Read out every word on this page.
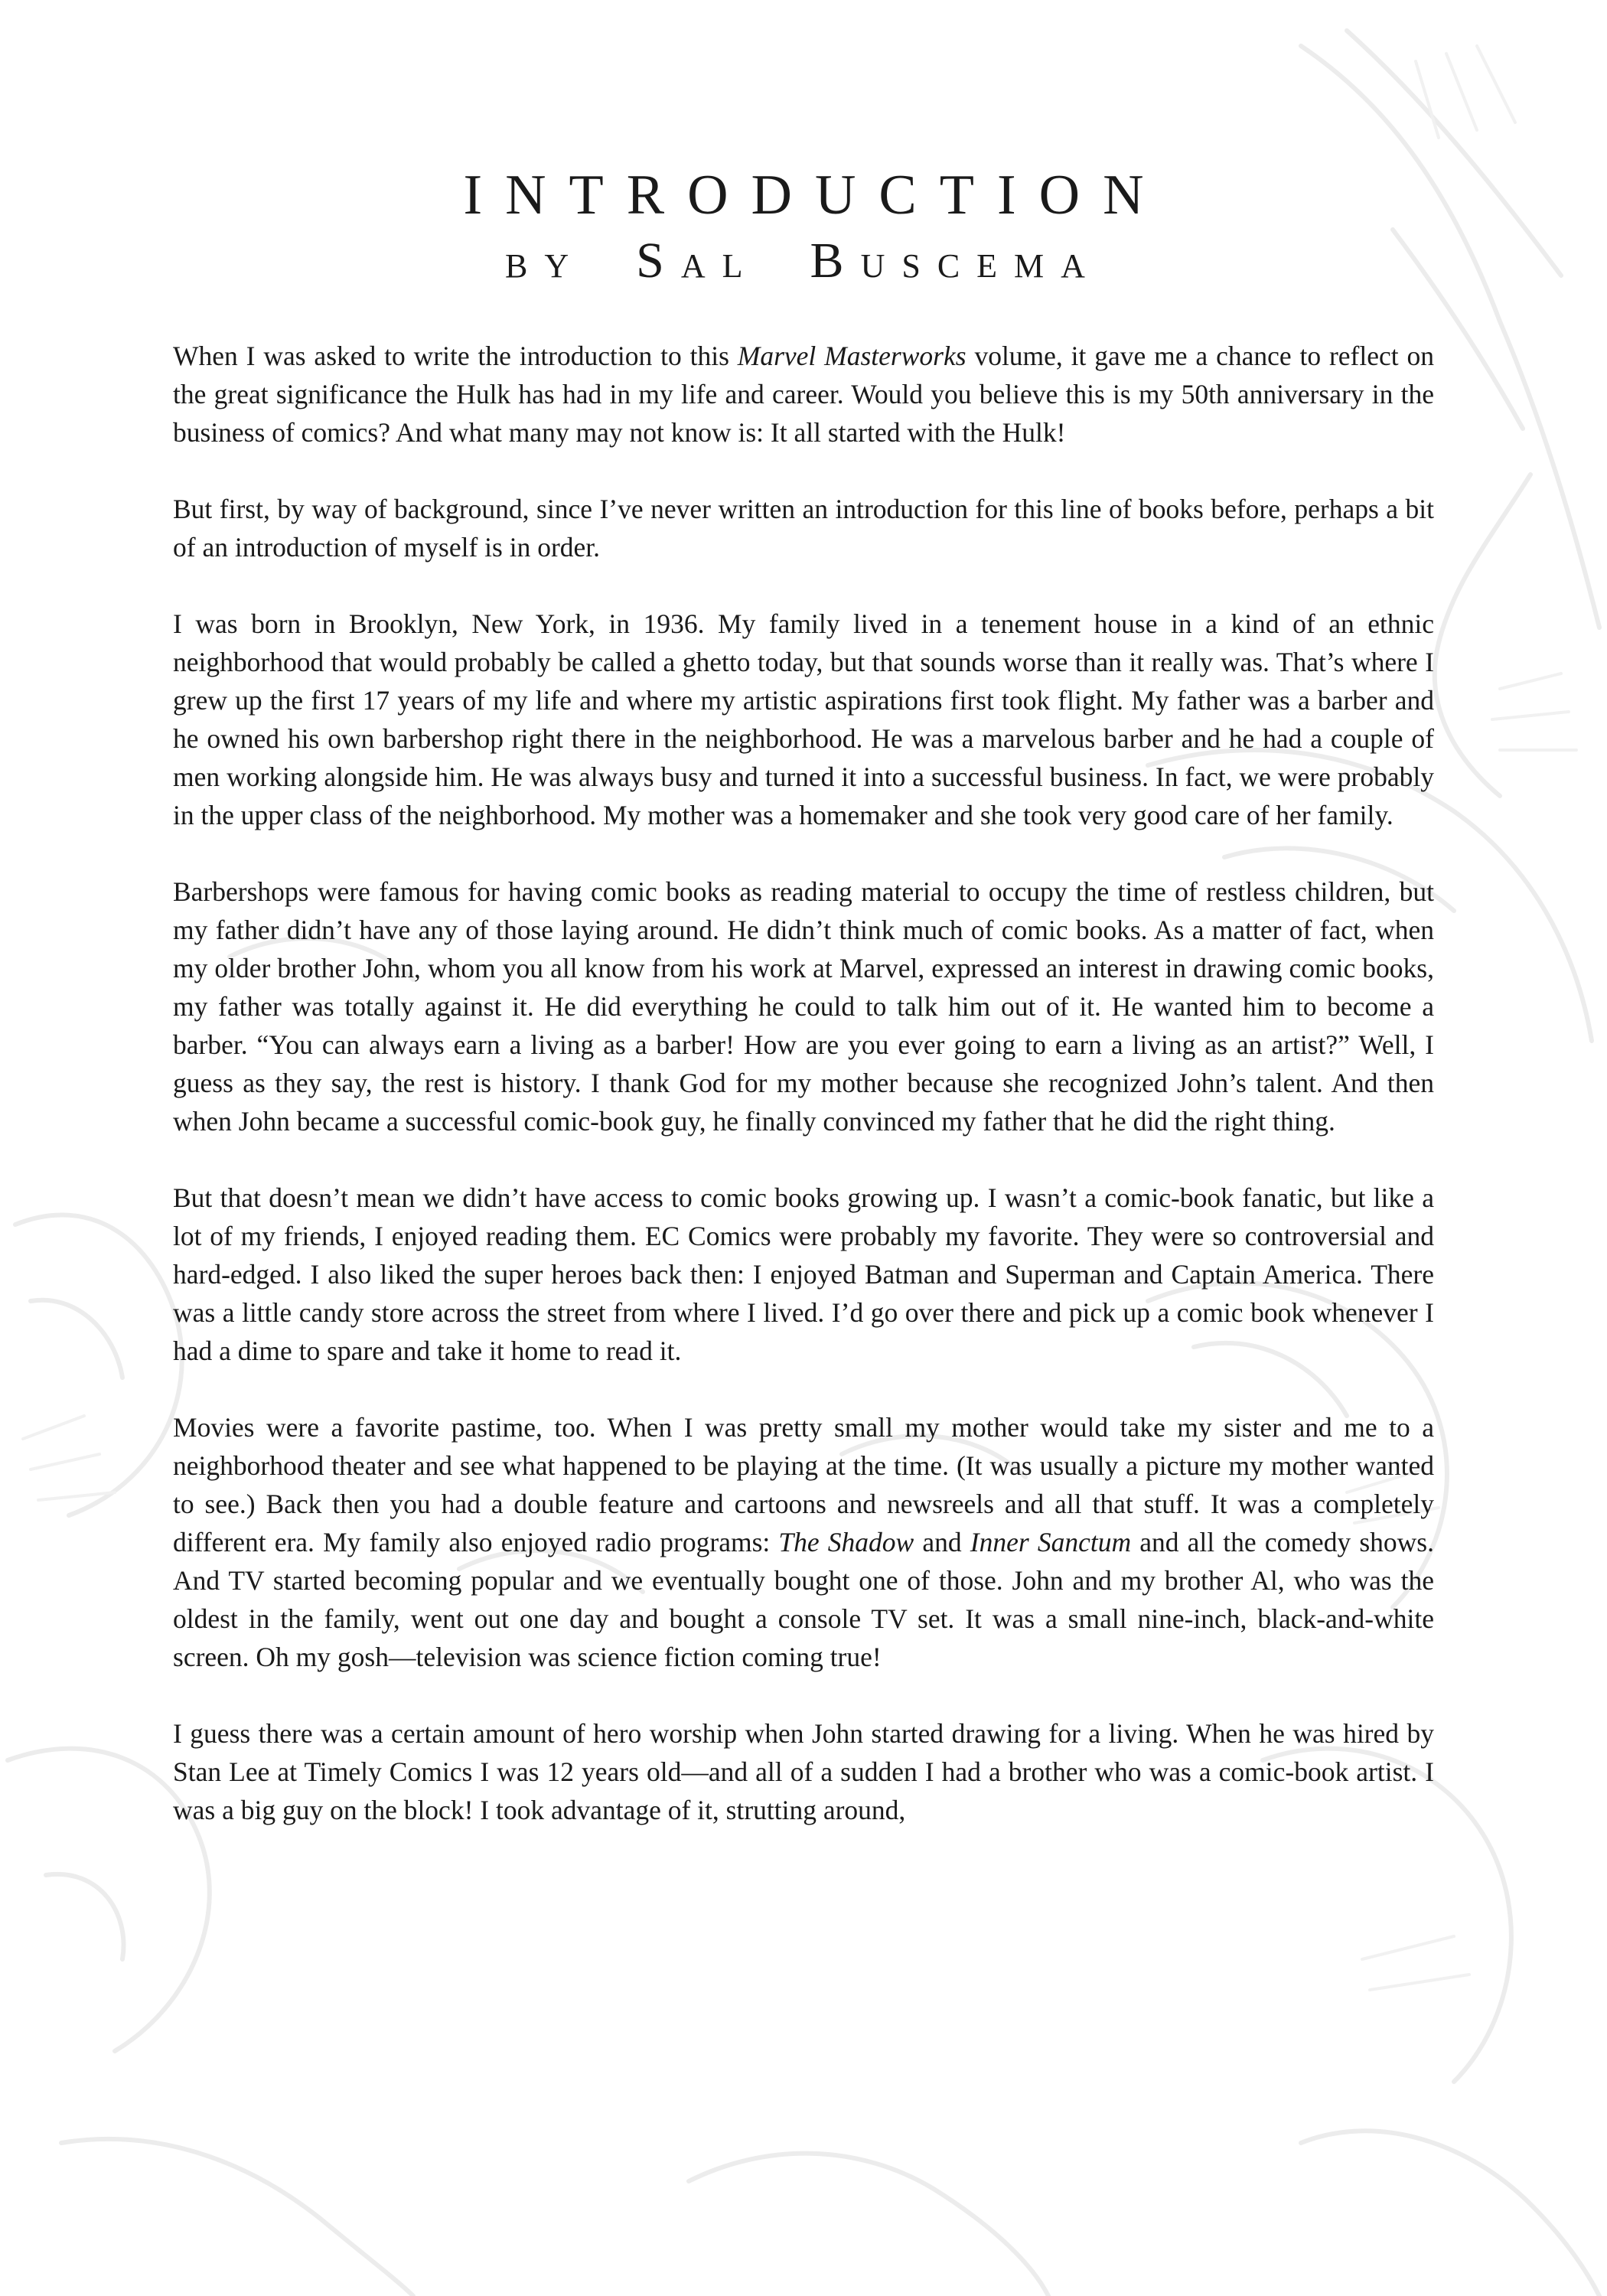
INTRODUCTION
BY SAL BUSCEMA

When I was asked to write the introduction to this Marvel Masterworks volume, it gave me a chance to reflect on the great significance the Hulk has had in my life and career. Would you believe this is my 50th anniversary in the business of comics? And what many may not know is: It all started with the Hulk!

But first, by way of background, since I’ve never written an introduction for this line of books before, perhaps a bit of an introduction of myself is in order.

I was born in Brooklyn, New York, in 1936. My family lived in a tenement house in a kind of an ethnic neighborhood that would probably be called a ghetto today, but that sounds worse than it really was. That’s where I grew up the first 17 years of my life and where my artistic aspirations first took flight. My father was a barber and he owned his own barbershop right there in the neighborhood. He was a marvelous barber and he had a couple of men working alongside him. He was always busy and turned it into a successful business. In fact, we were probably in the upper class of the neighborhood. My mother was a homemaker and she took very good care of her family.

Barbershops were famous for having comic books as reading material to occupy the time of restless children, but my father didn’t have any of those laying around. He didn’t think much of comic books. As a matter of fact, when my older brother John, whom you all know from his work at Marvel, expressed an interest in drawing comic books, my father was totally against it. He did everything he could to talk him out of it. He wanted him to become a barber. “You can always earn a living as a barber! How are you ever going to earn a living as an artist?” Well, I guess as they say, the rest is history. I thank God for my mother because she recognized John’s talent. And then when John became a successful comic-book guy, he finally convinced my father that he did the right thing.

But that doesn’t mean we didn’t have access to comic books growing up. I wasn’t a comic-book fanatic, but like a lot of my friends, I enjoyed reading them. EC Comics were probably my favorite. They were so controversial and hard-edged. I also liked the super heroes back then: I enjoyed Batman and Superman and Captain America. There was a little candy store across the street from where I lived. I’d go over there and pick up a comic book whenever I had a dime to spare and take it home to read it.

Movies were a favorite pastime, too. When I was pretty small my mother would take my sister and me to a neighborhood theater and see what happened to be playing at the time. (It was usually a picture my mother wanted to see.) Back then you had a double feature and cartoons and newsreels and all that stuff. It was a completely different era. My family also enjoyed radio programs: The Shadow and Inner Sanctum and all the comedy shows. And TV started becoming popular and we eventually bought one of those. John and my brother Al, who was the oldest in the family, went out one day and bought a console TV set. It was a small nine-inch, black-and-white screen. Oh my gosh—television was science fiction coming true!

I guess there was a certain amount of hero worship when John started drawing for a living. When he was hired by Stan Lee at Timely Comics I was 12 years old—and all of a sudden I had a brother who was a comic-book artist. I was a big guy on the block! I took advantage of it, strutting around,
